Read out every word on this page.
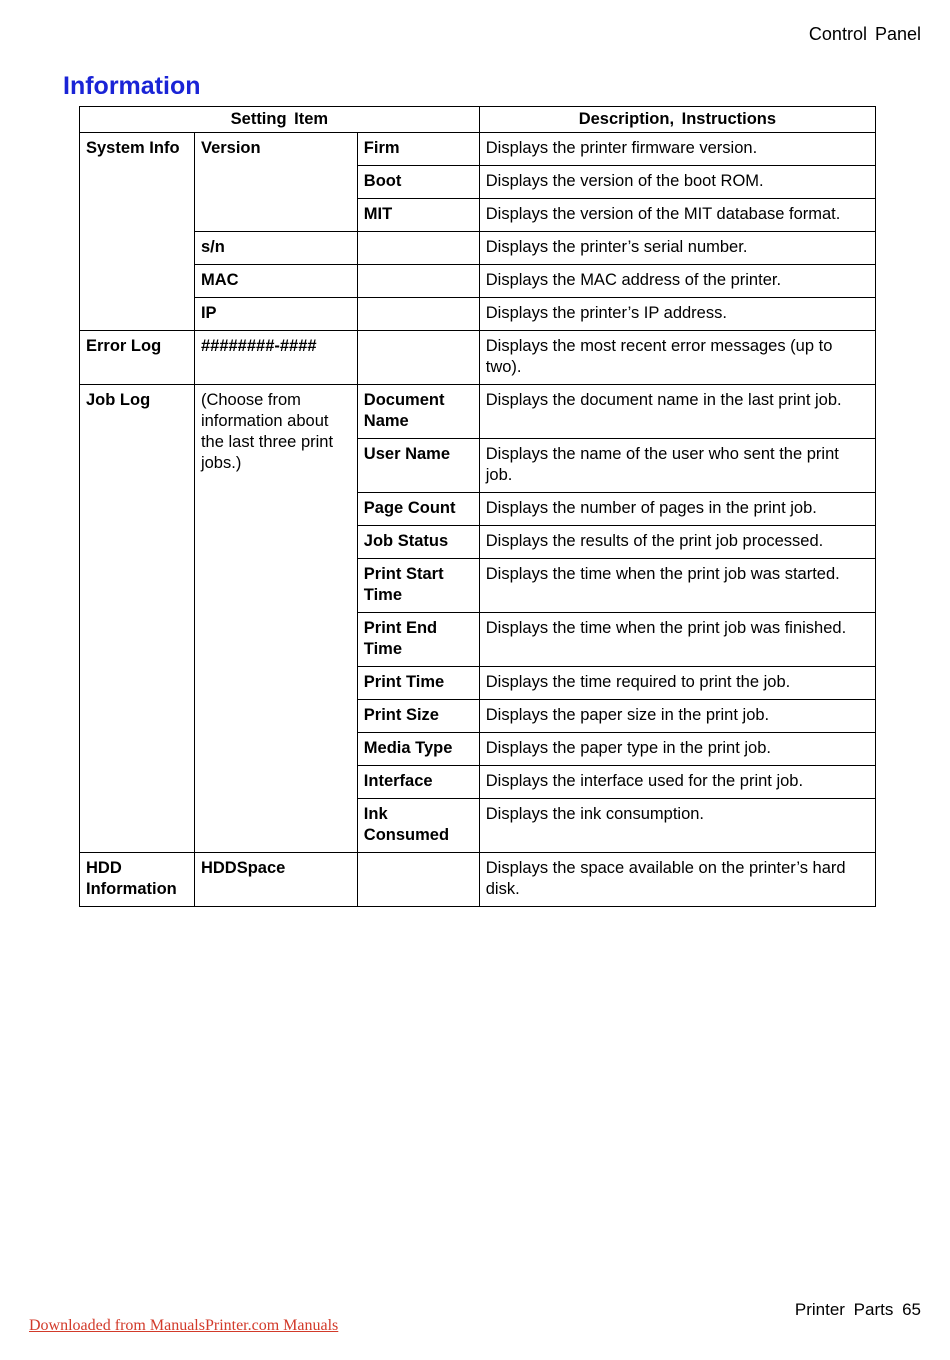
Control Panel
Information
Setting Item			Description, Instructions
System Info	Version	Firm	Displays the printer firmware version.
		Boot	Displays the version of the boot ROM.
		MIT	Displays the version of the MIT database format.
	s/n		Displays the printer’s serial number.
	MAC		Displays the MAC address of the printer.
	IP		Displays the printer’s IP address.
Error Log	########-####		Displays the most recent error messages (up to two).
Job Log	(Choose from information about the last three print jobs.)	Document Name	Displays the document name in the last print job.
		User Name	Displays the name of the user who sent the print job.
		Page Count	Displays the number of pages in the print job.
		Job Status	Displays the results of the print job processed.
		Print Start Time	Displays the time when the print job was started.
		Print End Time	Displays the time when the print job was finished.
		Print Time	Displays the time required to print the job.
		Print Size	Displays the paper size in the print job.
		Media Type	Displays the paper type in the print job.
		Interface	Displays the interface used for the print job.
		Ink Consumed	Displays the ink consumption.
HDD Information	HDDSpace		Displays the space available on the printer’s hard disk.
Printer Parts 65
Downloaded from ManualsPrinter.com Manuals
